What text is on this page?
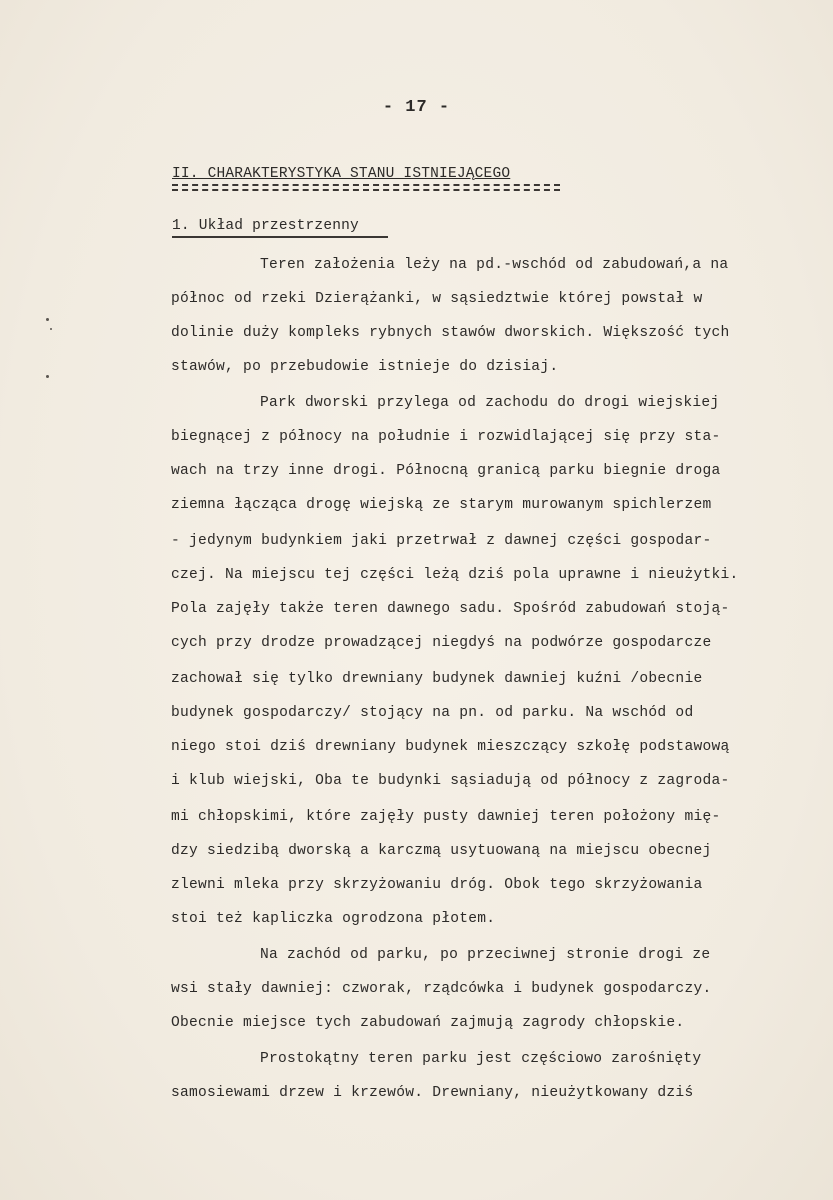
- 17 -
II. CHARAKTERYSTYKA STANU ISTNIEJĄCEGO
1. Układ przestrzenny
Teren założenia leży na pd.-wschód od zabudowań,a na
północ od rzeki Dzierążanki, w sąsiedztwie której powstał w
dolinie duży kompleks rybnych stawów dworskich. Większość tych
stawów, po przebudowie istnieje do dzisiaj.
Park dworski przylega od zachodu do drogi wiejskiej
biegnącej z północy na południe i rozwidlającej się przy sta-
wach na trzy inne drogi. Północną granicą parku biegnie droga
ziemna łącząca drogę wiejską ze starym murowanym spichlerzem
- jedynym budynkiem jaki przetrwał z dawnej części gospodar-
czej. Na miejscu tej części leżą dziś pola uprawne i nieużytki.
Pola zajęły także teren dawnego sadu. Spośród zabudowań stoją-
cych przy drodze prowadzącej niegdyś na podwórze gospodarcze
zachował się tylko drewniany budynek dawniej kuźni /obecnie
budynek gospodarczy/ stojący na pn. od parku. Na wschód od
niego stoi dziś drewniany budynek mieszczący szkołę podstawową
i klub wiejski, Oba te budynki sąsiadują od północy z zagroda-
mi chłopskimi, które zajęły pusty dawniej teren położony mię-
dzy siedzibą dworską a karczmą usytuowaną na miejscu obecnej
zlewni mleka przy skrzyżowaniu dróg. Obok tego skrzyżowania
stoi też kapliczka ogrodzona płotem.
Na zachód od parku, po przeciwnej stronie drogi ze
wsi stały dawniej: czworak, rządcówka i budynek gospodarczy.
Obecnie miejsce tych zabudowań zajmują zagrody chłopskie.
Prostokątny teren parku jest częściowo zarośnięty
samosiewami drzew i krzewów. Drewniany, nieużytkowany dziś
